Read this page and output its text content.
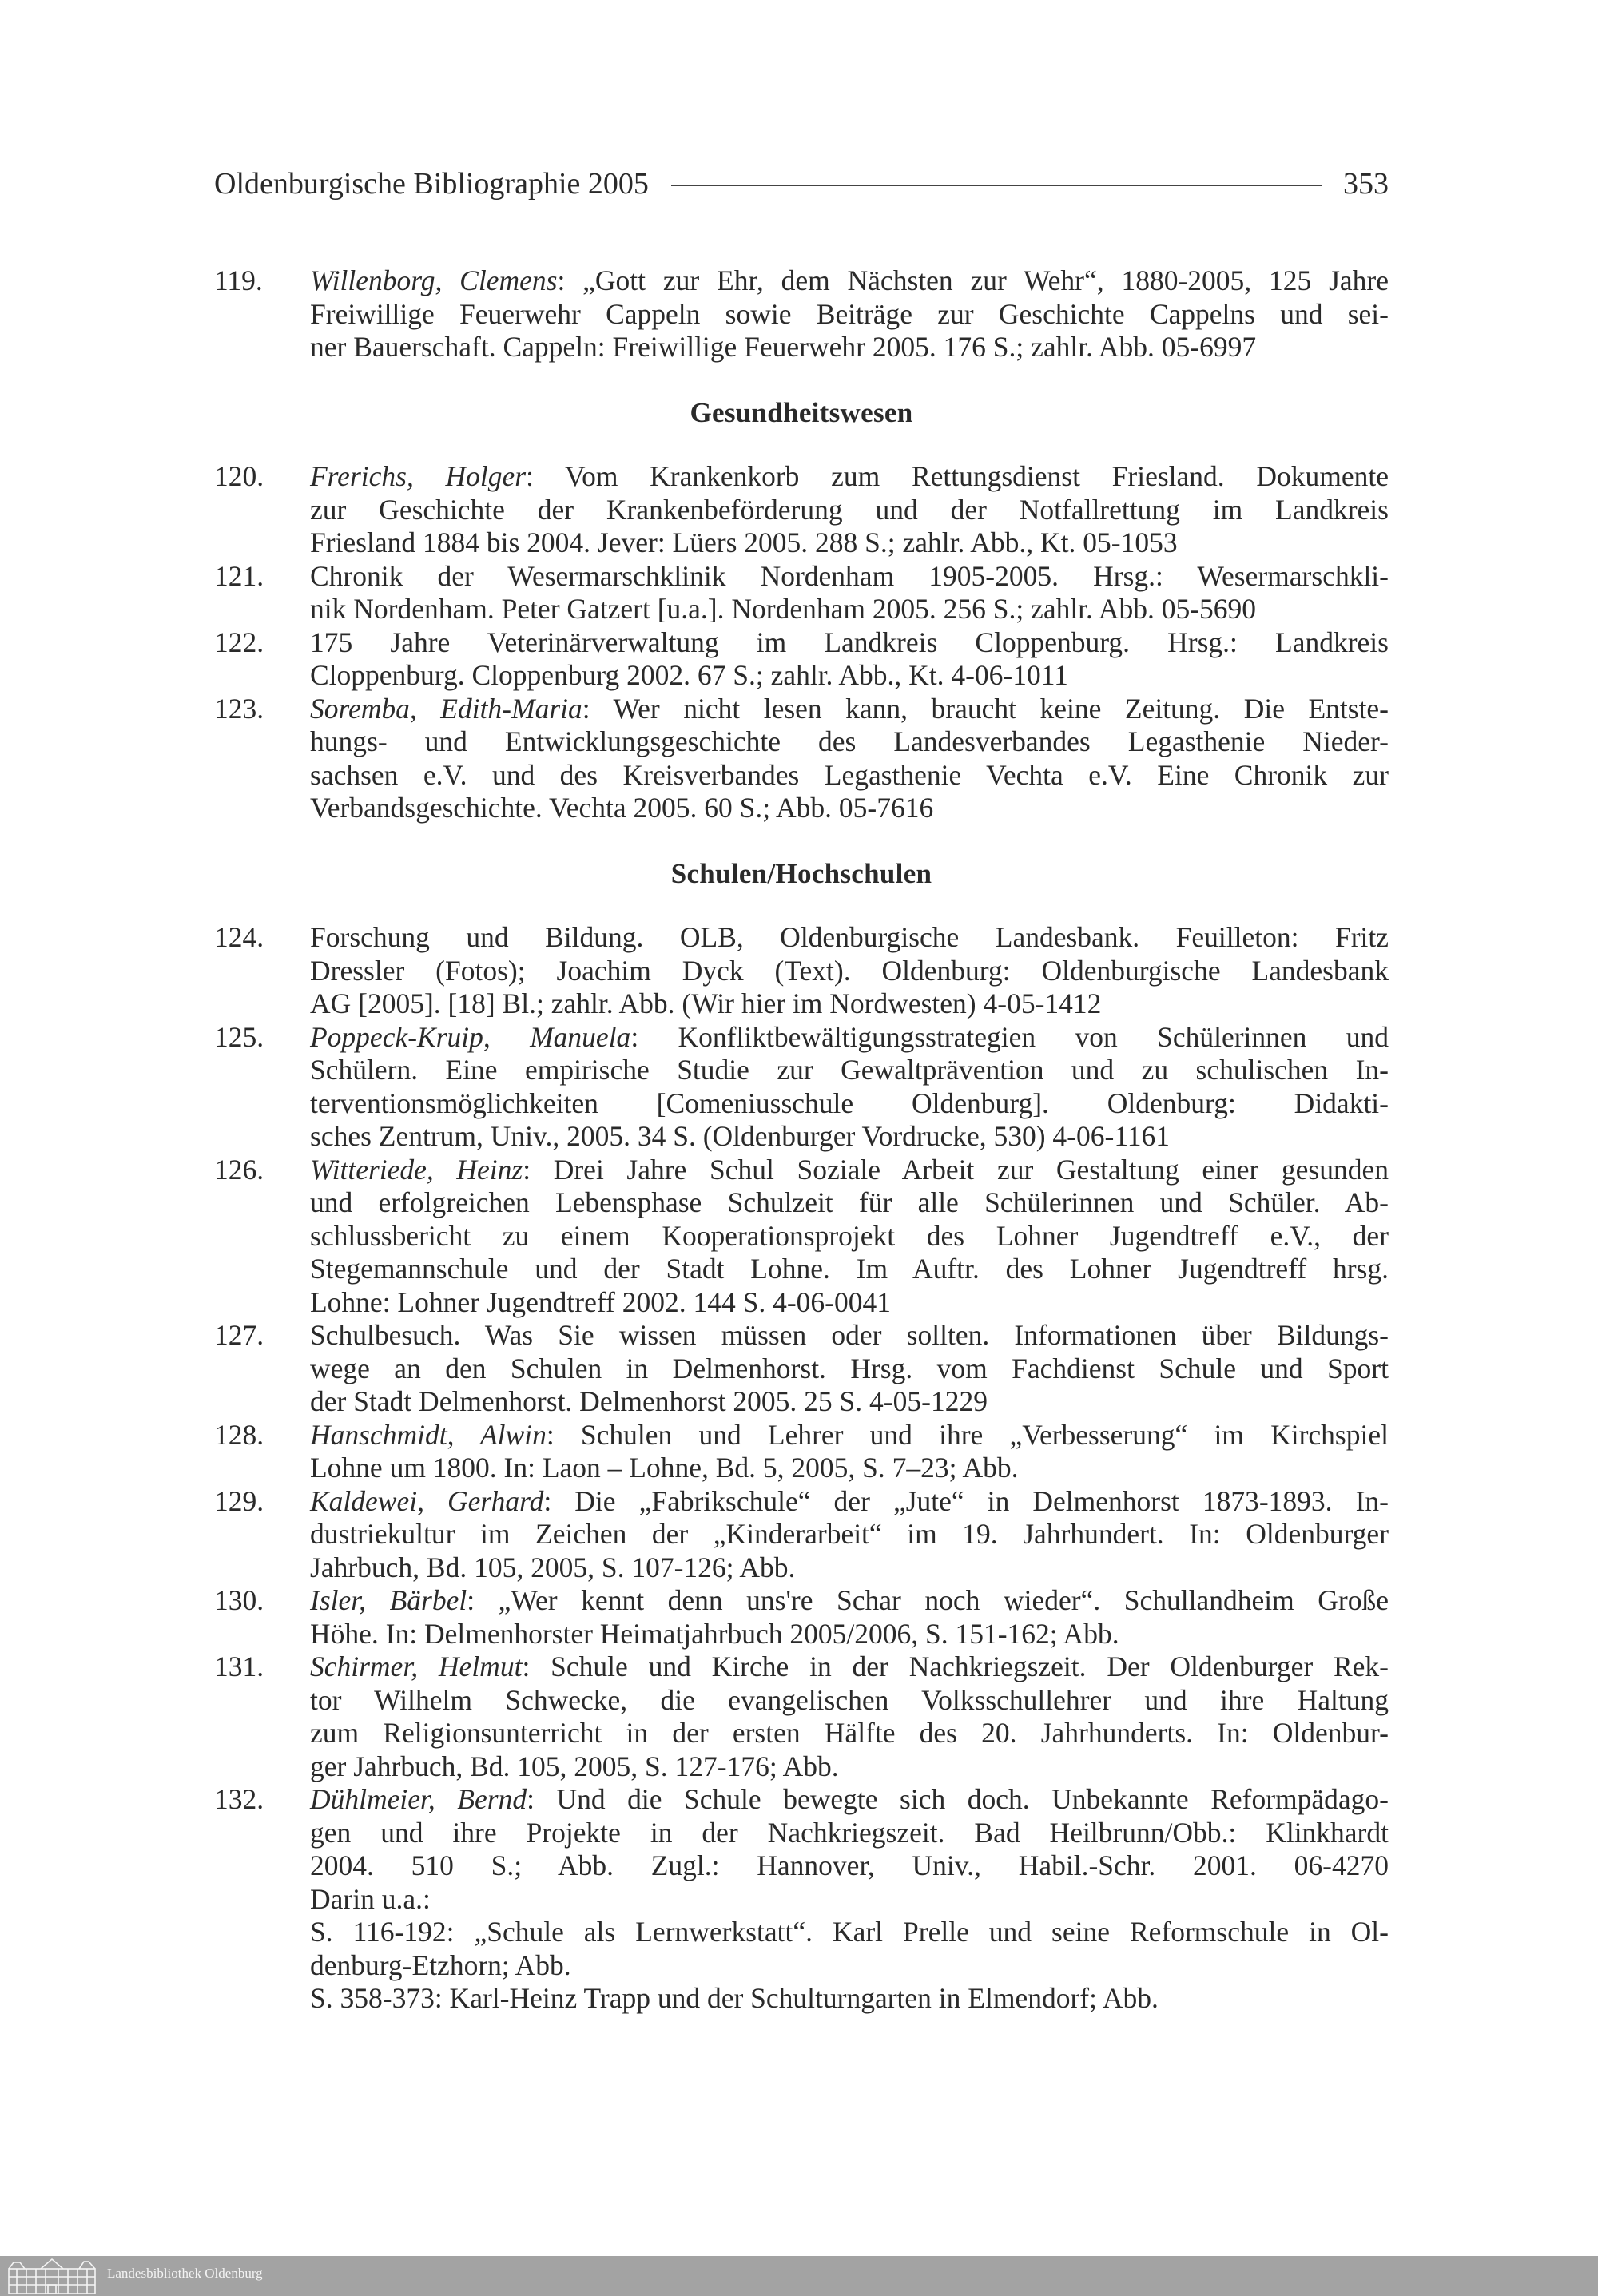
Oldenburgische Bibliographie 2005	353
119.	Willenborg, Clemens: „Gott zur Ehr, dem Nächsten zur Wehr“, 1880-2005, 125 Jahre
Freiwillige Feuerwehr Cappeln sowie Beiträge zur Geschichte Cappelns und sei-
ner Bauerschaft. Cappeln: Freiwillige Feuerwehr 2005. 176 S.; zahlr. Abb. 05-6997
Gesundheitswesen
120.	Frerichs, Holger: Vom Krankenkorb zum Rettungsdienst Friesland. Dokumente
zur Geschichte der Krankenbeförderung und der Notfallrettung im Landkreis
Friesland 1884 bis 2004. Jever: Lüers 2005. 288 S.; zahlr. Abb., Kt. 05-1053
121.	Chronik der Wesermarschklinik Nordenham 1905-2005. Hrsg.: Wesermarschkli-
nik Nordenham. Peter Gatzert [u.a.]. Nordenham 2005. 256 S.; zahlr. Abb. 05-5690
122.	175 Jahre Veterinärverwaltung im Landkreis Cloppenburg. Hrsg.: Landkreis
Cloppenburg. Cloppenburg 2002. 67 S.; zahlr. Abb., Kt. 4-06-1011
123.	Soremba, Edith-Maria: Wer nicht lesen kann, braucht keine Zeitung. Die Entste-
hungs- und Entwicklungsgeschichte des Landesverbandes Legasthenie Nieder-
sachsen e.V. und des Kreisverbandes Legasthenie Vechta e.V. Eine Chronik zur
Verbandsgeschichte. Vechta 2005. 60 S.; Abb. 05-7616
Schulen/Hochschulen
124.	Forschung und Bildung. OLB, Oldenburgische Landesbank. Feuilleton: Fritz
Dressler (Fotos); Joachim Dyck (Text). Oldenburg: Oldenburgische Landesbank
AG [2005]. [18] Bl.; zahlr. Abb. (Wir hier im Nordwesten) 4-05-1412
125.	Poppeck-Kruip, Manuela: Konfliktbewältigungsstrategien von Schülerinnen und
Schülern. Eine empirische Studie zur Gewaltprävention und zu schulischen In-
terventionsmöglichkeiten [Comeniusschule Oldenburg]. Oldenburg: Didakti-
sches Zentrum, Univ., 2005. 34 S. (Oldenburger Vordrucke, 530) 4-06-1161
126.	Witteriede, Heinz: Drei Jahre Schul Soziale Arbeit zur Gestaltung einer gesunden
und erfolgreichen Lebensphase Schulzeit für alle Schülerinnen und Schüler. Ab-
schlussbericht zu einem Kooperationsprojekt des Lohner Jugendtreff e.V., der
Stegemannschule und der Stadt Lohne. Im Auftr. des Lohner Jugendtreff hrsg.
Lohne: Lohner Jugendtreff 2002. 144 S. 4-06-0041
127.	Schulbesuch. Was Sie wissen müssen oder sollten. Informationen über Bildungs-
wege an den Schulen in Delmenhorst. Hrsg. vom Fachdienst Schule und Sport
der Stadt Delmenhorst. Delmenhorst 2005. 25 S. 4-05-1229
128.	Hanschmidt, Alwin: Schulen und Lehrer und ihre „Verbesserung“ im Kirchspiel
Lohne um 1800. In: Laon – Lohne, Bd. 5, 2005, S. 7–23; Abb.
129.	Kaldewei, Gerhard: Die „Fabrikschule“ der „Jute“ in Delmenhorst 1873-1893. In-
dustriekultur im Zeichen der „Kinderarbeit“ im 19. Jahrhundert. In: Oldenburger
Jahrbuch, Bd. 105, 2005, S. 107-126; Abb.
130.	Isler, Bärbel: „Wer kennt denn uns're Schar noch wieder“. Schullandheim Große
Höhe. In: Delmenhorster Heimatjahrbuch 2005/2006, S. 151-162; Abb.
131.	Schirmer, Helmut: Schule und Kirche in der Nachkriegszeit. Der Oldenburger Rek-
tor Wilhelm Schwecke, die evangelischen Volksschullehrer und ihre Haltung
zum Religionsunterricht in der ersten Hälfte des 20. Jahrhunderts. In: Oldenbur-
ger Jahrbuch, Bd. 105, 2005, S. 127-176; Abb.
132.	Dühlmeier, Bernd: Und die Schule bewegte sich doch. Unbekannte Reformpädago-
gen und ihre Projekte in der Nachkriegszeit. Bad Heilbrunn/Obb.: Klinkhardt
2004. 510 S.; Abb. Zugl.: Hannover, Univ., Habil.-Schr. 2001. 06-4270
Darin u.a.:
S. 116-192: „Schule als Lernwerkstatt“. Karl Prelle und seine Reformschule in Ol-
denburg-Etzhorn; Abb.
S. 358-373: Karl-Heinz Trapp und der Schulturngarten in Elmendorf; Abb.
Landesbibliothek Oldenburg
